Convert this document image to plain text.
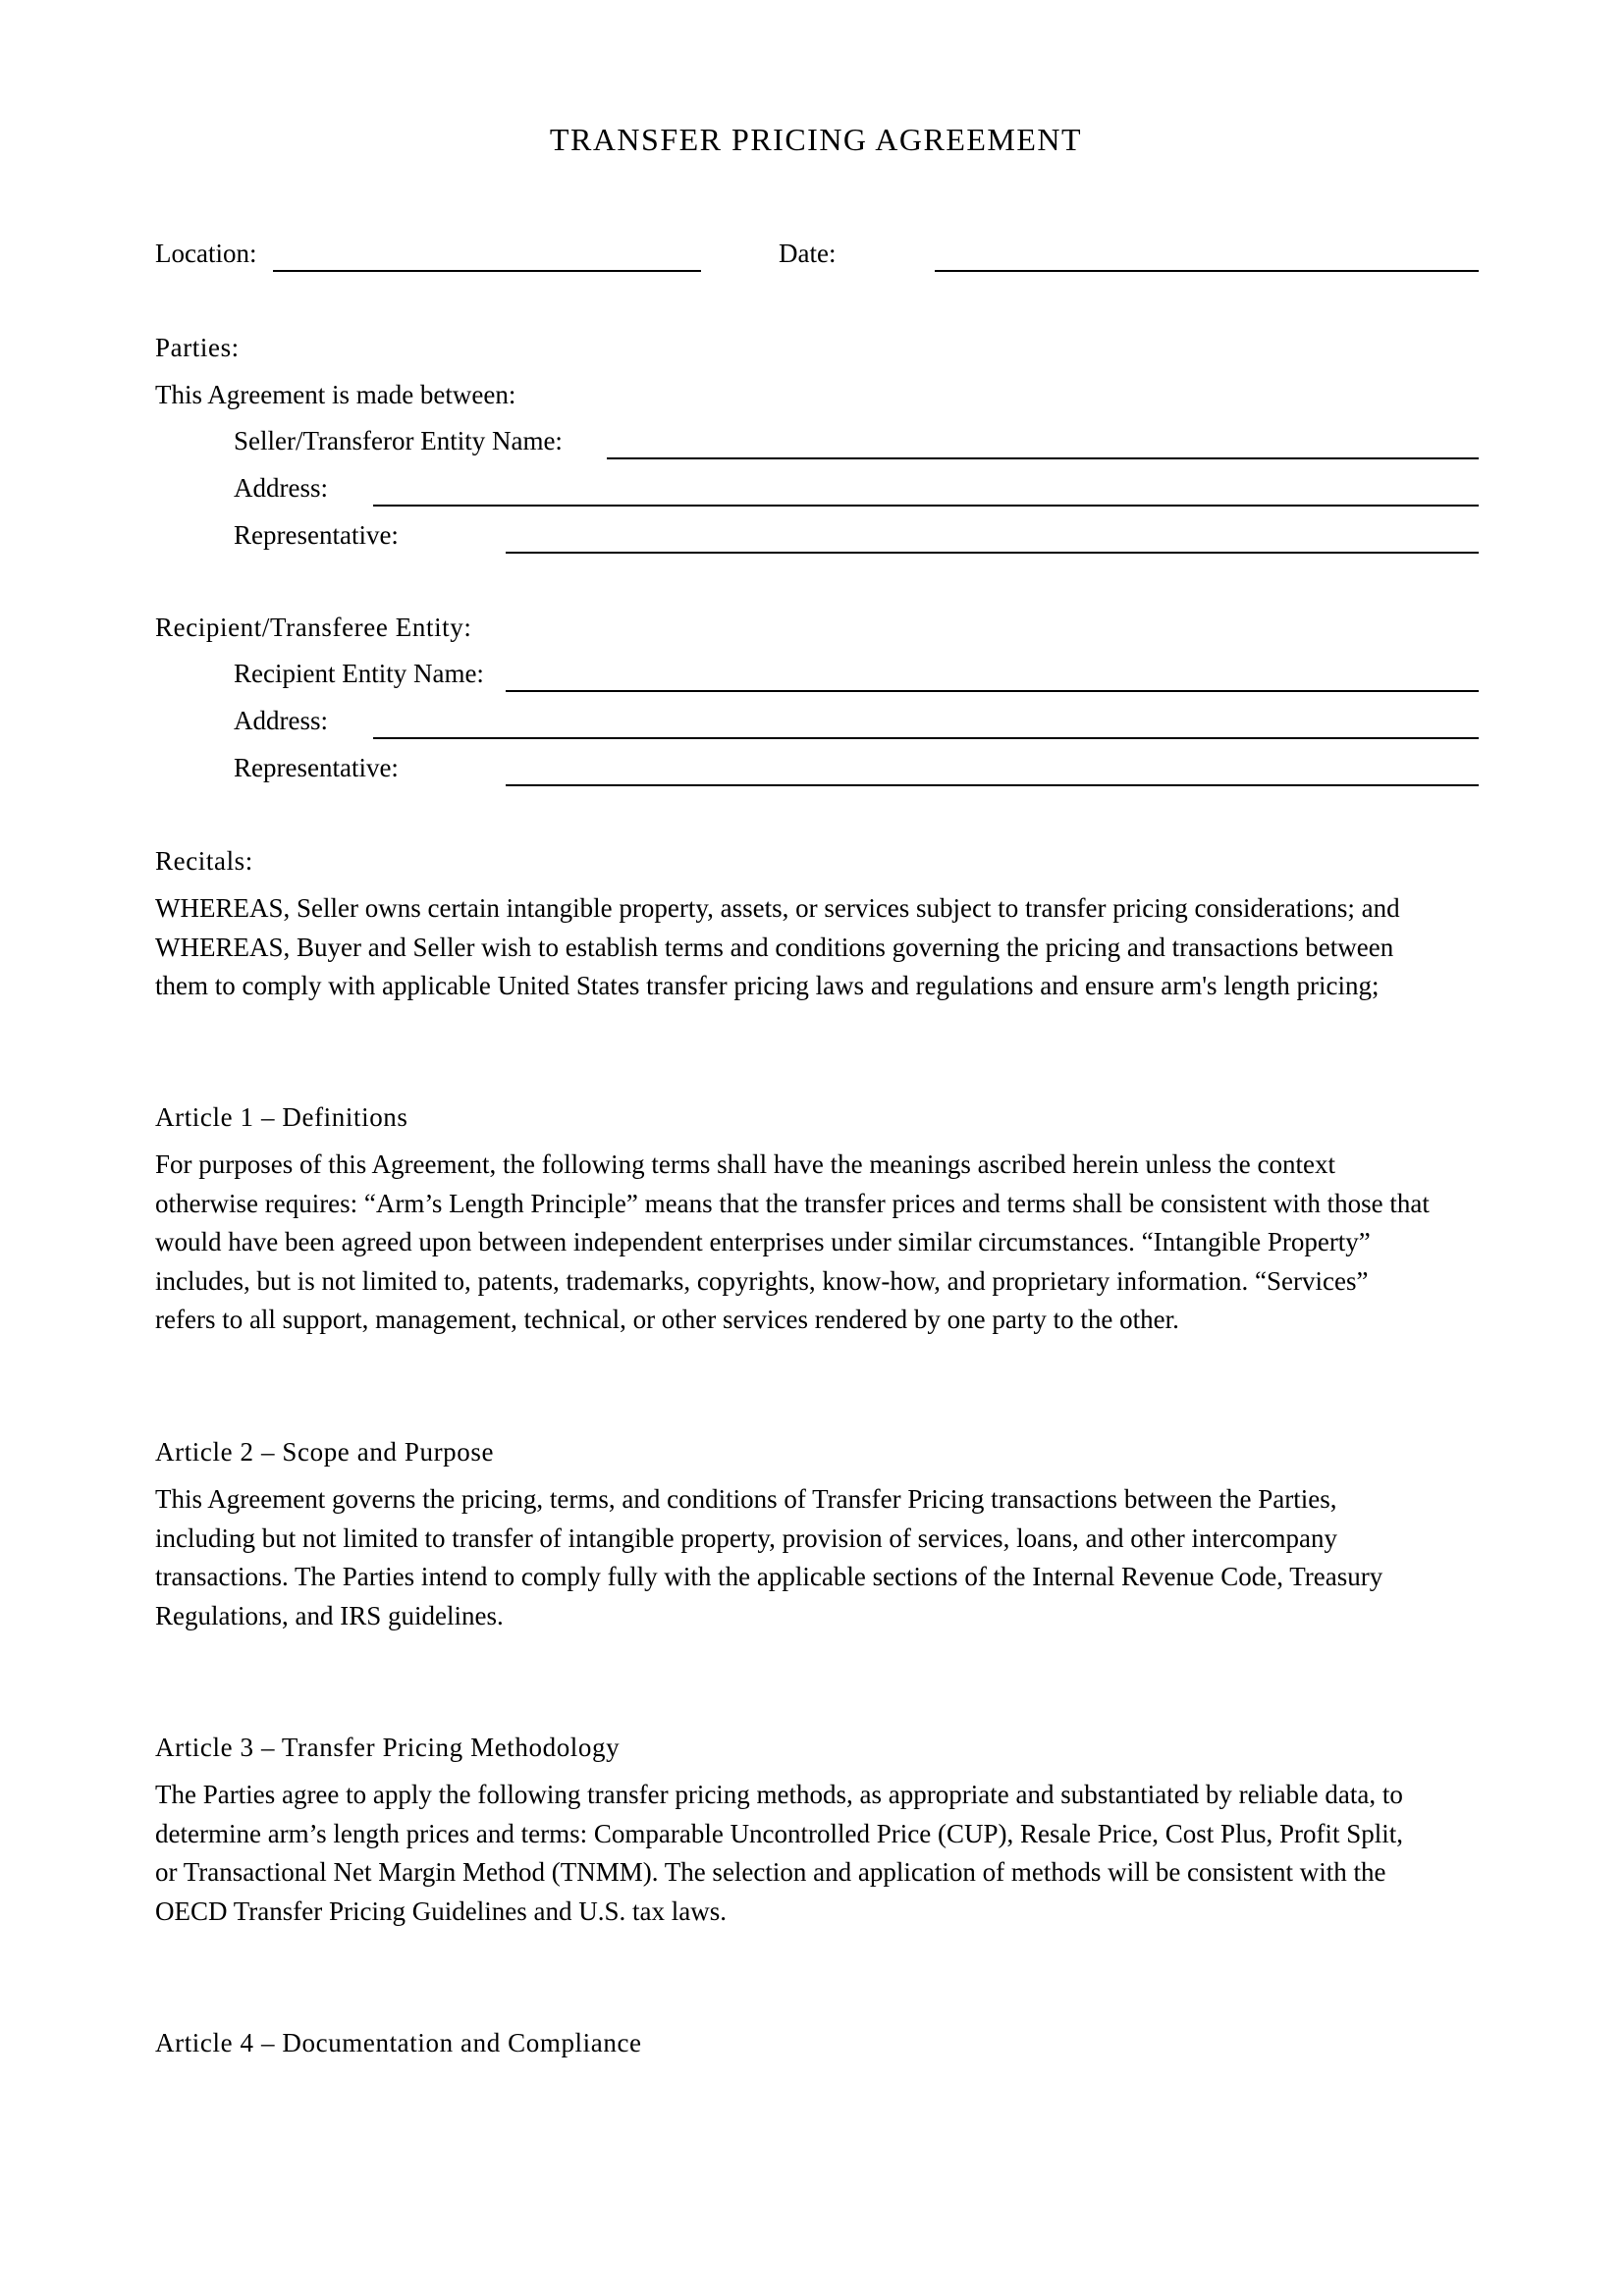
TRANSFER PRICING AGREEMENT
Location:	Date:
Parties:
This Agreement is made between:
Seller/Transferor Entity Name:
Address:
Representative:
Recipient/Transferee Entity:
Recipient Entity Name:
Address:
Representative:
Recitals:

WHEREAS, Seller owns certain intangible property, assets, or services subject to transfer pricing considerations; and

WHEREAS, Buyer and Seller wish to establish terms and conditions governing the pricing and transactions between

them to comply with applicable United States transfer pricing laws and regulations and ensure arm's length pricing;

Article 1 – Definitions

For purposes of this Agreement, the following terms shall have the meanings ascribed herein unless the context

otherwise requires: “Arm’s Length Principle” means that the transfer prices and terms shall be consistent with those that

would have been agreed upon between independent enterprises under similar circumstances. “Intangible Property”

includes, but is not limited to, patents, trademarks, copyrights, know-how, and proprietary information. “Services”

refers to all support, management, technical, or other services rendered by one party to the other.

Article 2 – Scope and Purpose

This Agreement governs the pricing, terms, and conditions of Transfer Pricing transactions between the Parties,

including but not limited to transfer of intangible property, provision of services, loans, and other intercompany

transactions. The Parties intend to comply fully with the applicable sections of the Internal Revenue Code, Treasury

Regulations, and IRS guidelines.

Article 3 – Transfer Pricing Methodology

The Parties agree to apply the following transfer pricing methods, as appropriate and substantiated by reliable data, to

determine arm’s length prices and terms: Comparable Uncontrolled Price (CUP), Resale Price, Cost Plus, Profit Split,

or Transactional Net Margin Method (TNMM). The selection and application of methods will be consistent with the

OECD Transfer Pricing Guidelines and U.S. tax laws.

Article 4 – Documentation and Compliance
